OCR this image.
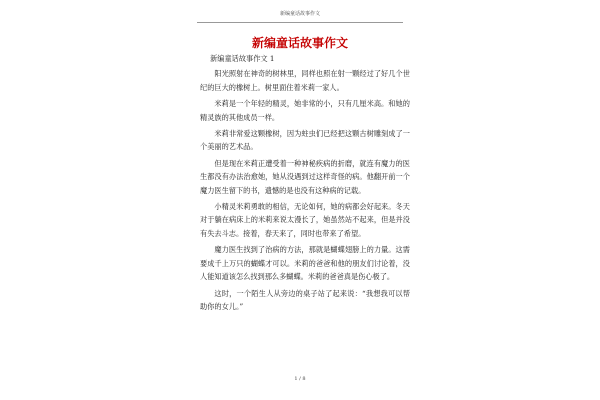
新编童话故事作文
新编童话故事作文

新编童话故事作文 1

阳光照射在神奇的树林里，同样也照在射一颗经过了好几个世纪的巨大的橡树上。树里面住着米莉一家人。

米莉是一个年轻的精灵，她非常的小，只有几厘米高。和她的精灵族的其他成员一样。

米莉非常爱这颗橡树，因为蛀虫们已经把这颗古树雕刻成了一个美丽的艺术品。

但是现在米莉正遭受着一种神秘疾病的折磨，就连有魔力的医生都没有办法治愈她，她从没遇到过这样奇怪的病。他翻开前一个魔力医生留下的书，遗憾的是也没有这种病的记载。

小精灵米莉勇敢的相信，无论如何，她的病都会好起来。冬天对于躺在病床上的米莉来说太漫长了，她虽然站不起来，但是并没有失去斗志。接着，春天来了，同时也带来了希望。

魔力医生找到了治病的方法，那就是蝴蝶翅膀上的力量。这需要成千上万只的蝴蝶才可以。米莉的爸爸和他的朋友们讨论着，没人能知道该怎么找到那么多蝴蝶。米莉的爸爸真是伤心极了。

这时，一个陌生人从旁边的桌子站了起来说：“我想我可以帮助你的女儿。”

1 / 8
